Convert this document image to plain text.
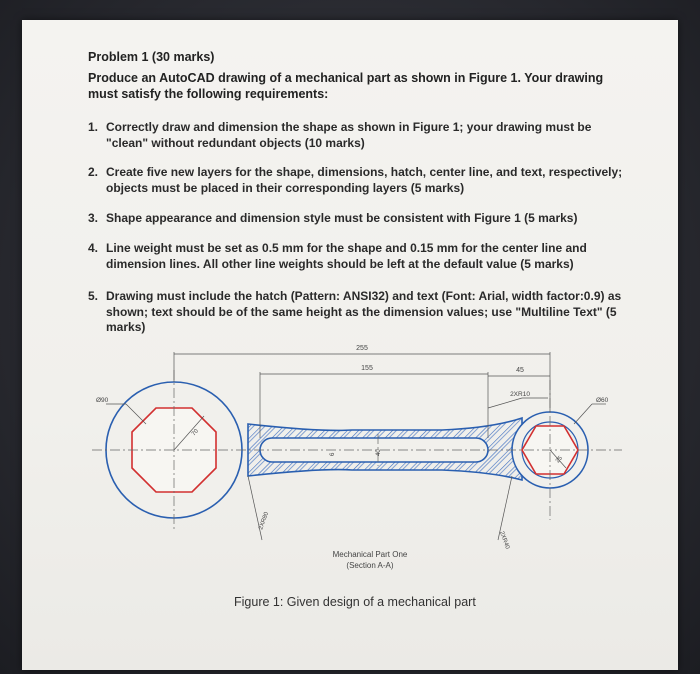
Problem 1 (30 marks)
Produce an AutoCAD drawing of a mechanical part as shown in Figure 1. Your drawing must satisfy the following requirements:
1. Correctly draw and dimension the shape as shown in Figure 1; your drawing must be "clean" without redundant objects (10 marks)
2. Create five new layers for the shape, dimensions, hatch, center line, and text, respectively; objects must be placed in their corresponding layers (5 marks)
3. Shape appearance and dimension style must be consistent with Figure 1 (5 marks)
4. Line weight must be set as 0.5 mm for the shape and 0.15 mm for the center line and dimension lines. All other line weights should be left at the default value (5 marks)
5. Drawing must include the hatch (Pattern: ANSI32) and text (Font: Arial, width factor:0.9) as shown; text should be of the same height as the dimension values; use "Multiline Text" (5 marks)
255
155	45
2XR10
Ø90	Ø60
70
25
6	40
2XR80
2XR40
Mechanical Part One
(Section A-A)
Figure 1: Given design of a mechanical part
